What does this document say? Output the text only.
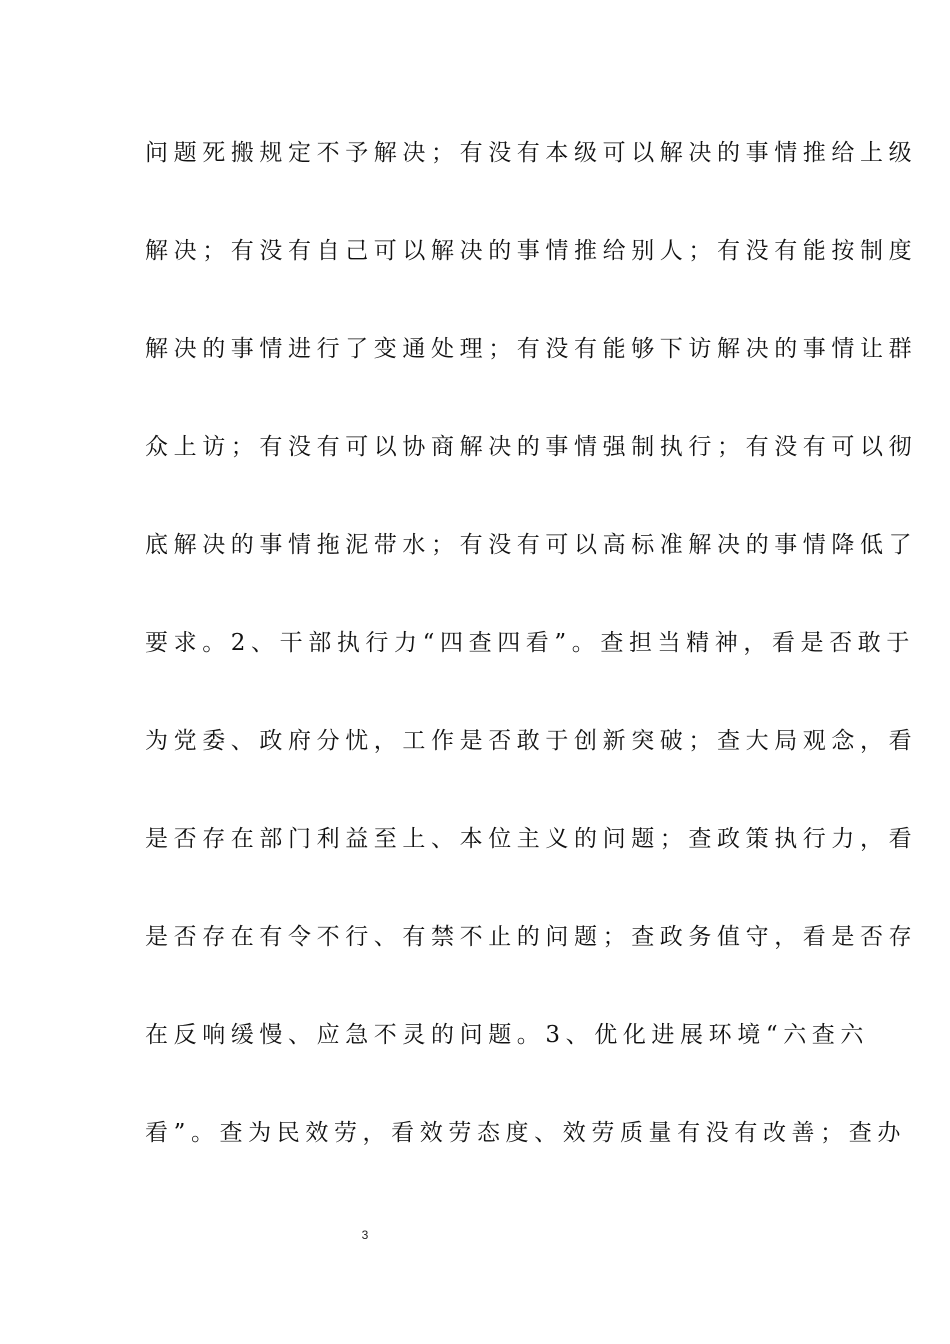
问题死搬规定不予解决；有没有本级可以解决的事情推给上级
解决；有没有自己可以解决的事情推给别人；有没有能按制度
解决的事情进行了变通处理；有没有能够下访解决的事情让群
众上访；有没有可以协商解决的事情强制执行；有没有可以彻
底解决的事情拖泥带水；有没有可以高标准解决的事情降低了
要求。2、干部执行力“四查四看”。查担当精神，看是否敢于
为党委、政府分忧，工作是否敢于创新突破；查大局观念，看
是否存在部门利益至上、本位主义的问题；查政策执行力，看
是否存在有令不行、有禁不止的问题；查政务值守，看是否存
在反响缓慢、应急不灵的问题。3、优化进展环境“六查六
看”。查为民效劳，看效劳态度、效劳质量有没有改善；查办
3
